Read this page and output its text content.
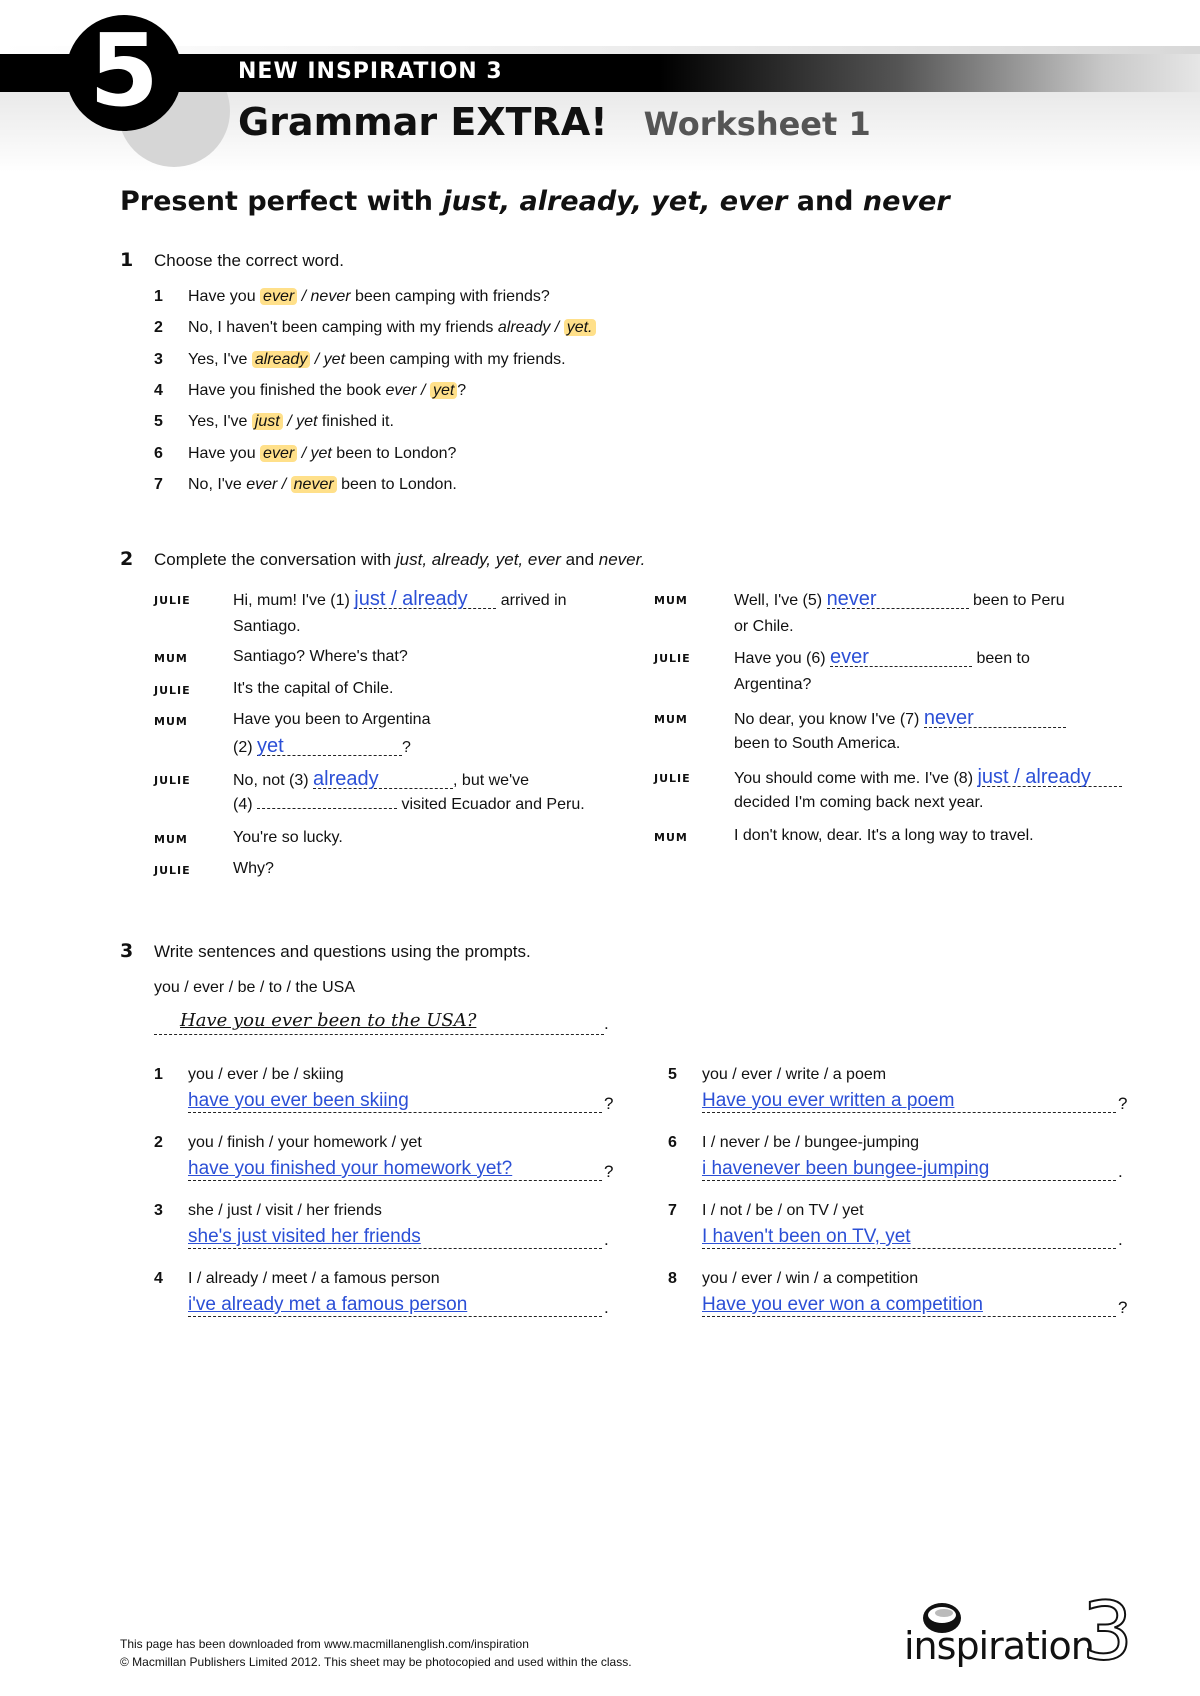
5	NEW INSPIRATION 3
Grammar EXTRA! Worksheet 1
Present perfect with just, already, yet, ever and never
1 Choose the correct word.
1 Have you ever / never been camping with friends?
2 No, I haven't been camping with my friends already / yet.
3 Yes, I've already / yet been camping with my friends.
4 Have you finished the book ever / yet ?
5 Yes, I've just / yet finished it.
6 Have you ever / yet been to London?
7 No, I've ever / never been to London.
2 Complete the conversation with just, already, yet, ever and never.
JULIE	Hi, mum! I've (1) just / already arrived in
Santiago.
MUM	Santiago? Where's that?
JULIE	It's the capital of Chile.
MUM	Have you been to Argentina
(2) yet	?
JULIE	No, not (3) already	, but we've
(4)	visited Ecuador and Peru.
MUM	You're so lucky.
JULIE	Why?
MUM	Well, I've (5) never	been to Peru
or Chile.
JULIE	Have you (6) ever	been to
Argentina?
MUM	No dear, you know I've (7) never
been to South America.
JULIE	You should come with me. I've (8) just / already
decided I'm coming back next year.
MUM	I don't know, dear. It's a long way to travel.
3 Write sentences and questions using the prompts.
you / ever / be / to / the USA
Have you ever been to the USA?	.
1 you / ever / be / skiing
have you ever been skiing	?
2 you / finish / your homework / yet
have you finished your homework yet?	?
3 she / just / visit / her friends
she's just visited her friends	.
4 I / already / meet / a famous person
i've already met a famous person	.
5 you / ever / write / a poem
Have you ever written a poem	?
6 I / never / be / bungee-jumping
i havenever been bungee-jumping	.
7 I / not / be / on TV / yet
I haven't been on TV, yet	.
8 you / ever / win / a competition
Have you ever won a competition	?
This page has been downloaded from www.macmillanenglish.com/inspiration
© Macmillan Publishers Limited 2012. This sheet may be photocopied and used within the class.	inspiration
3
